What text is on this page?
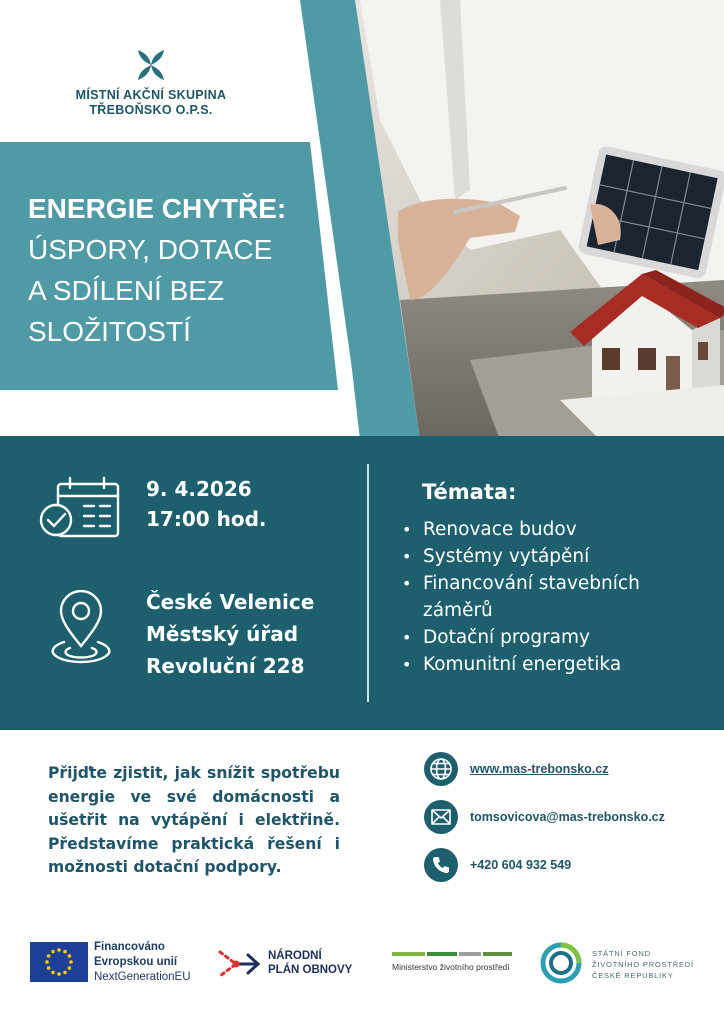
MÍSTNÍ AKČNÍ SKUPINA
TŘEBOŇSKO O.P.S.
ENERGIE CHYTŘE:
ÚSPORY, DOTACE
A SDÍLENÍ BEZ
SLOŽITOSTÍ
9. 4.2026
17:00 hod.
České Velenice
Městský úřad
Revoluční 228
Témata:
• Renovace budov
• Systémy vytápění
• Financování stavebních záměrů
• Dotační programy
• Komunitní energetika

Přijďte zjistit, jak snížit spotřebu energie ve své domácnosti a ušetřit na vytápění i elektřině. Představíme praktická řešení i možnosti dotační podpory.

www.mas-trebonsko.cz
tomsovicova@mas-trebonsko.cz
+420 604 932 549
Financováno
Evropskou unií
NextGenerationEU
NÁRODNÍ
PLÁN OBNOVY	Ministerstvo životního prostředí
STÁTNÍ FOND
ŽIVOTNÍHO PROSTŘEDÍ
ČESKÉ REPUBLIKY
